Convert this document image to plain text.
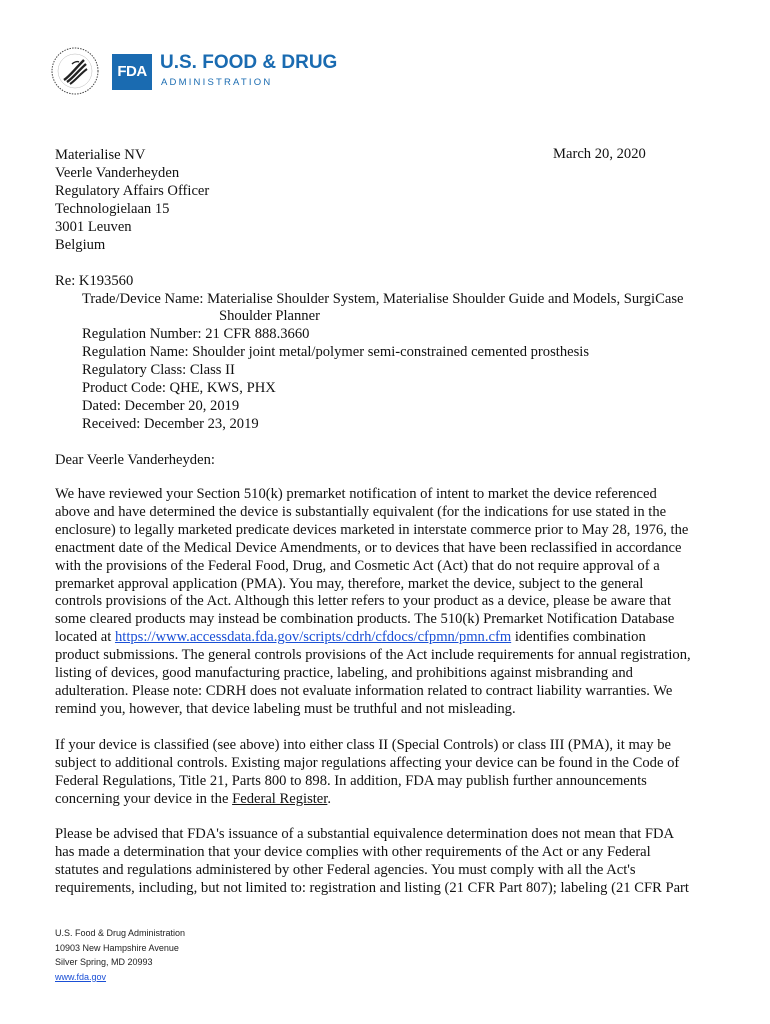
FDA U.S. FOOD & DRUG
ADMINISTRATION
March 20, 2020
Materialise NV
Veerle Vanderheyden
Regulatory Affairs Officer
Technologielaan 15
3001 Leuven
Belgium
Re: K193560
Trade/Device Name: Materialise Shoulder System, Materialise Shoulder Guide and Models, SurgiCase
Shoulder Planner
Regulation Number: 21 CFR 888.3660
Regulation Name: Shoulder joint metal/polymer semi-constrained cemented prosthesis
Regulatory Class: Class II
Product Code: QHE, KWS, PHX
Dated: December 20, 2019
Received: December 23, 2019
Dear Veerle Vanderheyden:
We have reviewed your Section 510(k) premarket notification of intent to market the device referenced
above and have determined the device is substantially equivalent (for the indications for use stated in the
enclosure) to legally marketed predicate devices marketed in interstate commerce prior to May 28, 1976, the
enactment date of the Medical Device Amendments, or to devices that have been reclassified in accordance
with the provisions of the Federal Food, Drug, and Cosmetic Act (Act) that do not require approval of a
premarket approval application (PMA). You may, therefore, market the device, subject to the general
controls provisions of the Act. Although this letter refers to your product as a device, please be aware that
some cleared products may instead be combination products. The 510(k) Premarket Notification Database
located at https://www.accessdata.fda.gov/scripts/cdrh/cfdocs/cfpmn/pmn.cfm identifies combination
product submissions. The general controls provisions of the Act include requirements for annual registration,
listing of devices, good manufacturing practice, labeling, and prohibitions against misbranding and
adulteration. Please note: CDRH does not evaluate information related to contract liability warranties. We
remind you, however, that device labeling must be truthful and not misleading.
If your device is classified (see above) into either class II (Special Controls) or class III (PMA), it may be
subject to additional controls. Existing major regulations affecting your device can be found in the Code of
Federal Regulations, Title 21, Parts 800 to 898. In addition, FDA may publish further announcements
concerning your device in the Federal Register.
Please be advised that FDA's issuance of a substantial equivalence determination does not mean that FDA
has made a determination that your device complies with other requirements of the Act or any Federal
statutes and regulations administered by other Federal agencies. You must comply with all the Act's
requirements, including, but not limited to: registration and listing (21 CFR Part 807); labeling (21 CFR Part
U.S. Food & Drug Administration
10903 New Hampshire Avenue
Silver Spring, MD 20993
www.fda.gov
